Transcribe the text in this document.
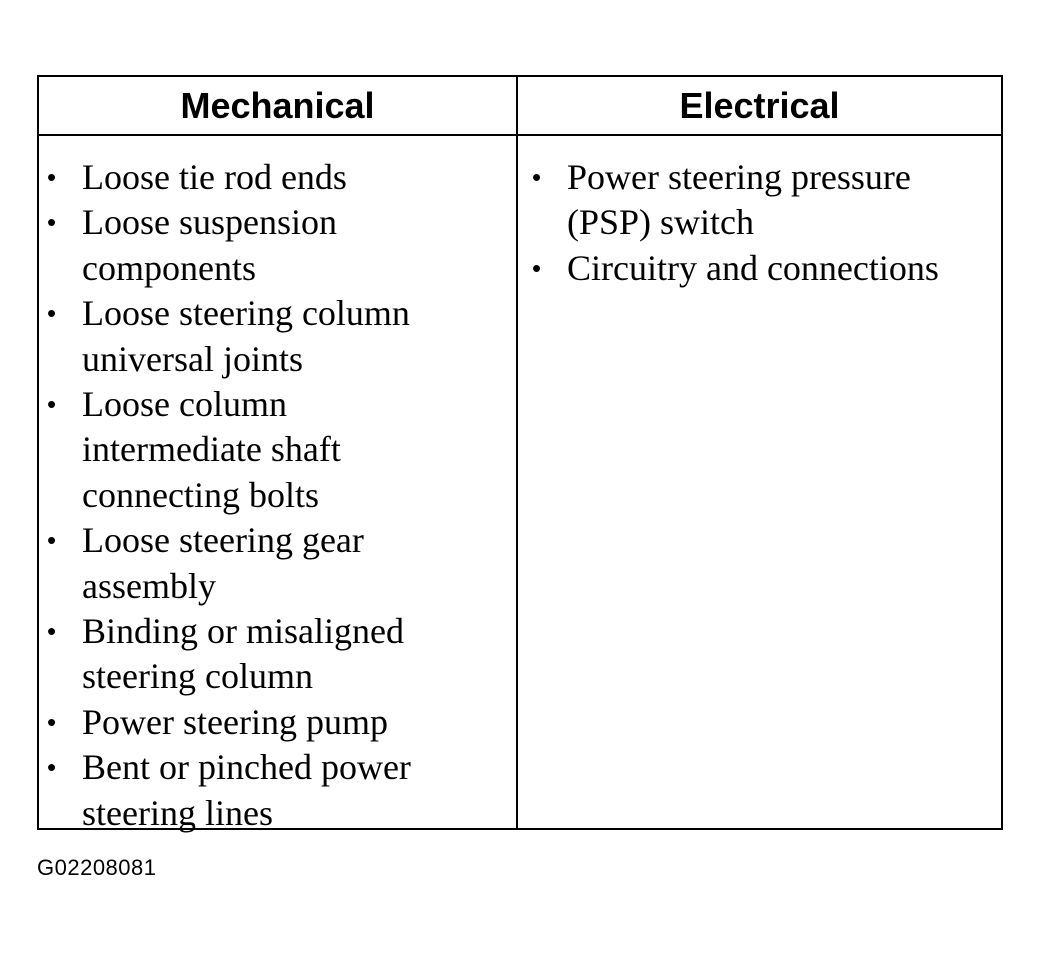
Mechanical	Electrical
• Loose tie rod ends
• Loose suspension
components
• Loose steering column
universal joints
• Loose column
intermediate shaft
connecting bolts
• Loose steering gear
assembly
• Binding or misaligned
steering column
• Power steering pump
• Bent or pinched power
steering lines
• Power steering pressure
(PSP) switch
• Circuitry and connections
G02208081
